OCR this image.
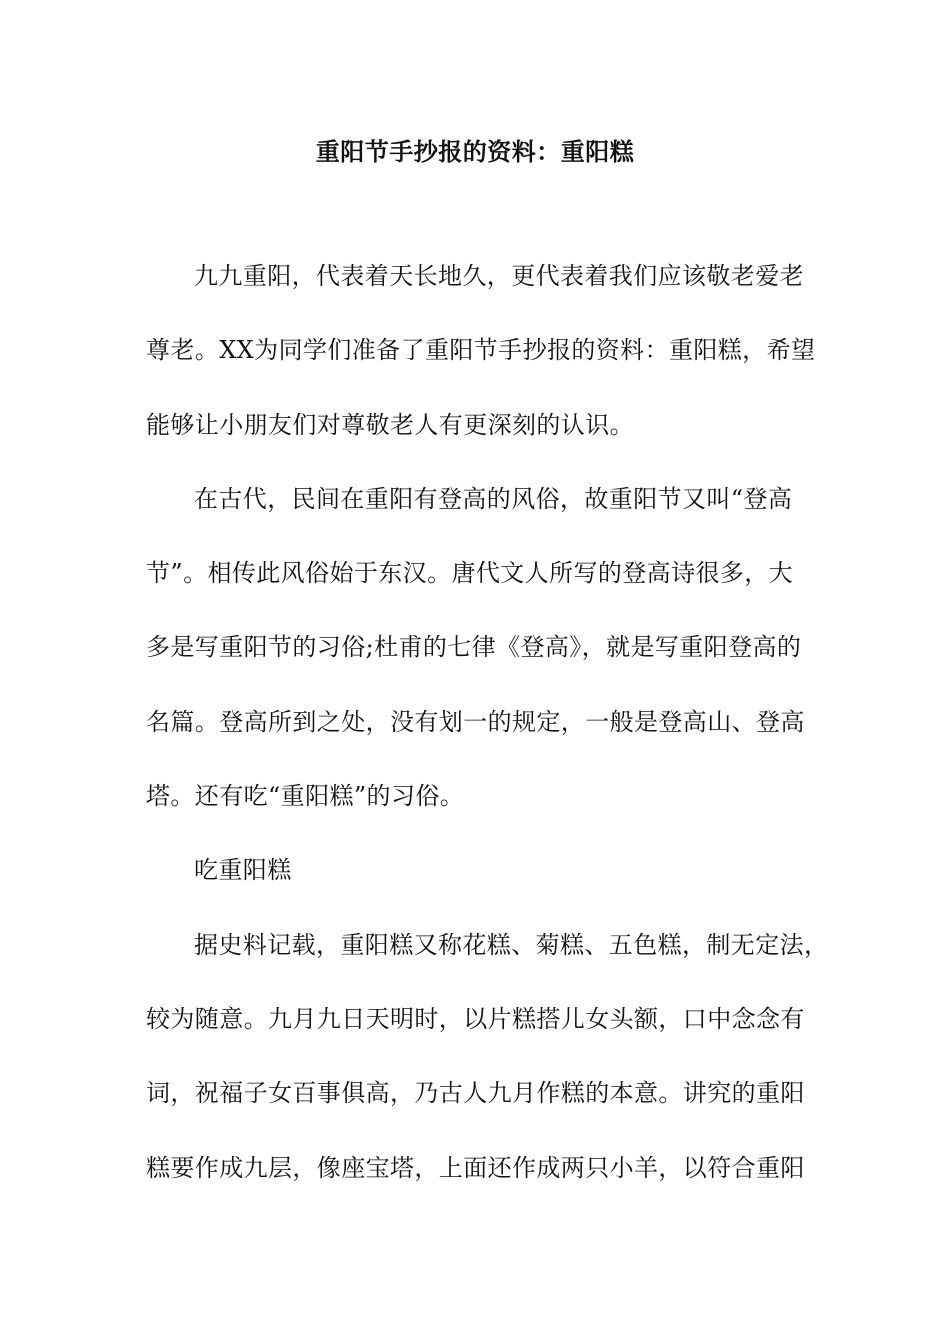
重阳节手抄报的资料：重阳糕
九九重阳，代表着天长地久，更代表着我们应该敬老爱老
尊老。XX为同学们准备了重阳节手抄报的资料：重阳糕，希望
能够让小朋友们对尊敬老人有更深刻的认识。
在古代，民间在重阳有登高的风俗，故重阳节又叫“登高
节”。相传此风俗始于东汉。唐代文人所写的登高诗很多，大
多是写重阳节的习俗;杜甫的七律《登高》，就是写重阳登高的
名篇。登高所到之处，没有划一的规定，一般是登高山、登高
塔。还有吃“重阳糕”的习俗。
吃重阳糕
据史料记载，重阳糕又称花糕、菊糕、五色糕，制无定法，
较为随意。九月九日天明时，以片糕搭儿女头额，口中念念有
词，祝福子女百事俱高，乃古人九月作糕的本意。讲究的重阳
糕要作成九层，像座宝塔，上面还作成两只小羊，以符合重阳
